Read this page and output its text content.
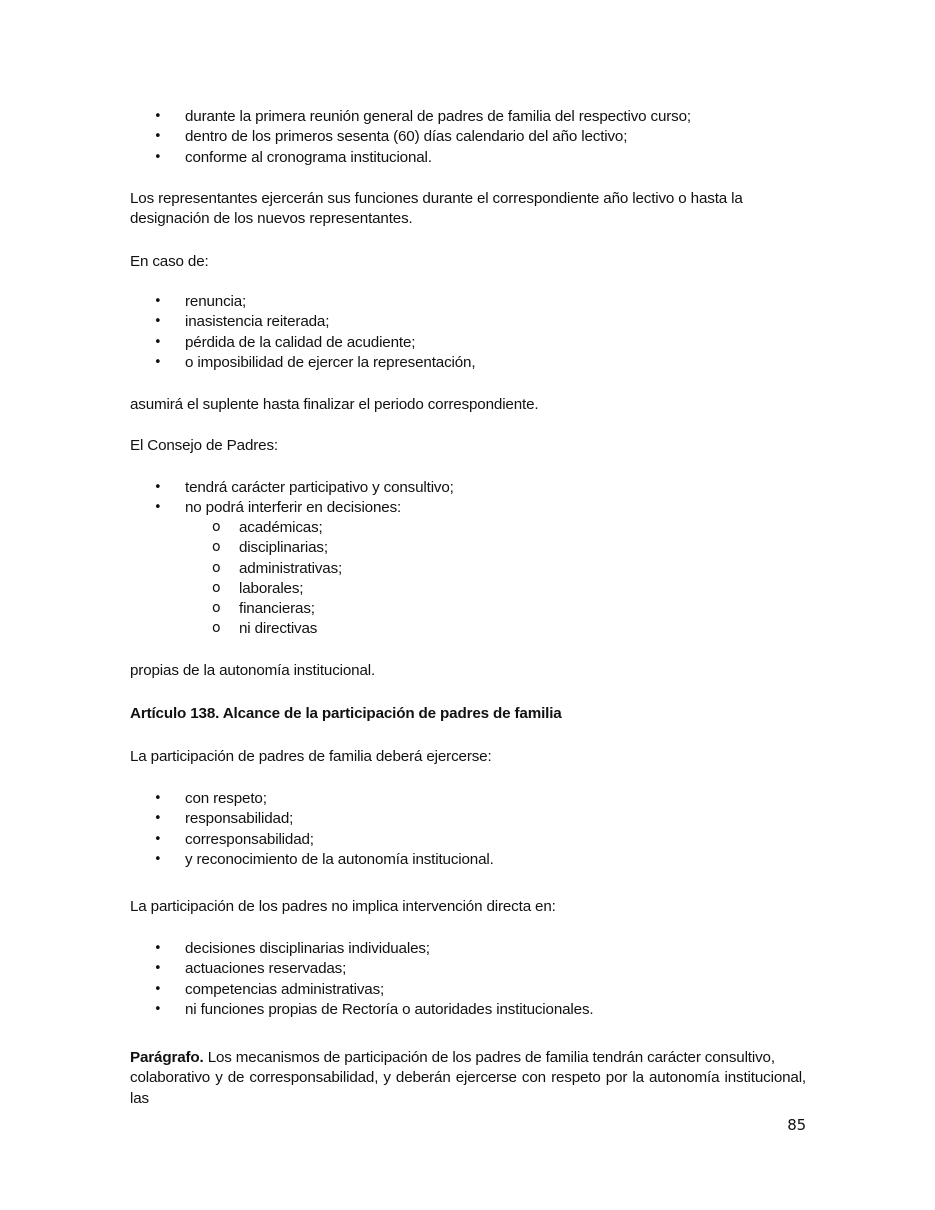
• durante la primera reunión general de padres de familia del respectivo curso;
• dentro de los primeros sesenta (60) días calendario del año lectivo;
• conforme al cronograma institucional.

Los representantes ejercerán sus funciones durante el correspondiente año lectivo o hasta la
designación de los nuevos representantes.

En caso de:

• renuncia;
• inasistencia reiterada;
• pérdida de la calidad de acudiente;
• o imposibilidad de ejercer la representación,

asumirá el suplente hasta finalizar el periodo correspondiente.

El Consejo de Padres:

• tendrá carácter participativo y consultivo;
• no podrá interferir en decisiones:
o académicas;
o disciplinarias;
o administrativas;
o laborales;
o financieras;
o ni directivas

propias de la autonomía institucional.

Artículo 138. Alcance de la participación de padres de familia

La participación de padres de familia deberá ejercerse:

• con respeto;
• responsabilidad;
• corresponsabilidad;
• y reconocimiento de la autonomía institucional.

La participación de los padres no implica intervención directa en:

• decisiones disciplinarias individuales;
• actuaciones reservadas;
• competencias administrativas;
• ni funciones propias de Rectoría o autoridades institucionales.

Parágrafo. Los mecanismos de participación de los padres de familia tendrán carácter consultivo,
colaborativo y de corresponsabilidad, y deberán ejercerse con respeto por la autonomía institucional, las

85
